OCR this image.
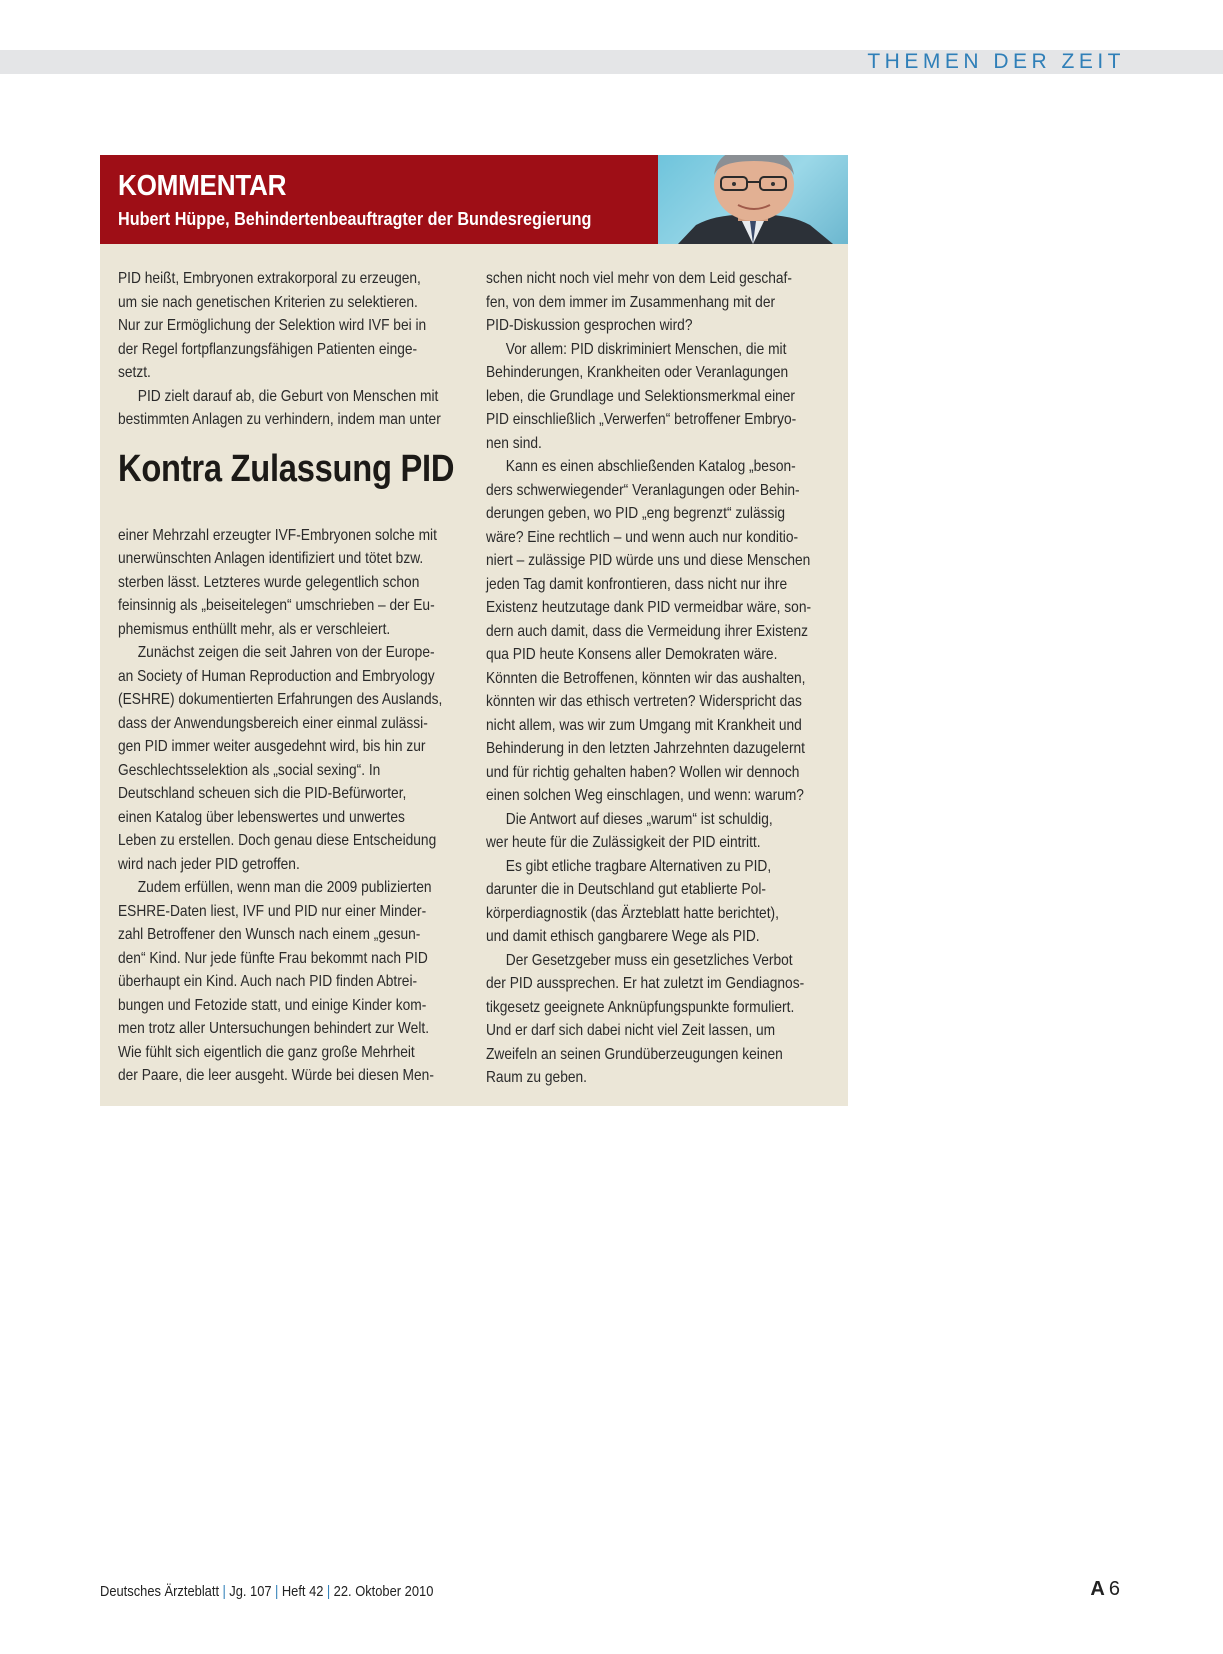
THEMEN DER ZEIT
KOMMENTAR
Hubert Hüppe, Behindertenbeauftragter der Bundesregierung

PID heißt, Embryonen extrakorporal zu erzeugen,

um sie nach genetischen Kriterien zu selektieren.

Nur zur Ermöglichung der Selektion wird IVF bei in

der Regel fortpflanzungsfähigen Patienten einge-

setzt.

PID zielt darauf ab, die Geburt von Menschen mit

bestimmten Anlagen zu verhindern, indem man unter

Kontra Zulassung PID

einer Mehrzahl erzeugter IVF-Embryonen solche mit

unerwünschten Anlagen identifiziert und tötet bzw.

sterben lässt. Letzteres wurde gelegentlich schon

feinsinnig als „beiseitelegen“ umschrieben – der Eu-

phemismus enthüllt mehr, als er verschleiert.

Zunächst zeigen die seit Jahren von der Europe-

an Society of Human Reproduction and Embryology

(ESHRE) dokumentierten Erfahrungen des Auslands,

dass der Anwendungsbereich einer einmal zulässi-

gen PID immer weiter ausgedehnt wird, bis hin zur

Geschlechtsselektion als „social sexing“. In

Deutschland scheuen sich die PID-Befürworter,

einen Katalog über lebenswertes und unwertes

Leben zu erstellen. Doch genau diese Entscheidung

wird nach jeder PID getroffen.

Zudem erfüllen, wenn man die 2009 publizierten

ESHRE-Daten liest, IVF und PID nur einer Minder-

zahl Betroffener den Wunsch nach einem „gesun-

den“ Kind. Nur jede fünfte Frau bekommt nach PID

überhaupt ein Kind. Auch nach PID finden Abtrei-

bungen und Fetozide statt, und einige Kinder kom-

men trotz aller Untersuchungen behindert zur Welt.

Wie fühlt sich eigentlich die ganz große Mehrheit

der Paare, die leer ausgeht. Würde bei diesen Men-

schen nicht noch viel mehr von dem Leid geschaf-

fen, von dem immer im Zusammenhang mit der

PID-Diskussion gesprochen wird?

Vor allem: PID diskriminiert Menschen, die mit

Behinderungen, Krankheiten oder Veranlagungen

leben, die Grundlage und Selektionsmerkmal einer

PID einschließlich „Verwerfen“ betroffener Embryo-

nen sind.

Kann es einen abschließenden Katalog „beson-

ders schwerwiegender“ Veranlagungen oder Behin-

derungen geben, wo PID „eng begrenzt“ zulässig

wäre? Eine rechtlich – und wenn auch nur konditio-

niert – zulässige PID würde uns und diese Menschen

jeden Tag damit konfrontieren, dass nicht nur ihre

Existenz heutzutage dank PID vermeidbar wäre, son-

dern auch damit, dass die Vermeidung ihrer Existenz

qua PID heute Konsens aller Demokraten wäre.

Könnten die Betroffenen, könnten wir das aushalten,

könnten wir das ethisch vertreten? Widerspricht das

nicht allem, was wir zum Umgang mit Krankheit und

Behinderung in den letzten Jahrzehnten dazugelernt

und für richtig gehalten haben? Wollen wir dennoch

einen solchen Weg einschlagen, und wenn: warum?

Die Antwort auf dieses „warum“ ist schuldig,

wer heute für die Zulässigkeit der PID eintritt.

Es gibt etliche tragbare Alternativen zu PID,

darunter die in Deutschland gut etablierte Pol-

körperdiagnostik (das Ärzteblatt hatte berichtet),

und damit ethisch gangbarere Wege als PID.

Der Gesetzgeber muss ein gesetzliches Verbot

der PID aussprechen. Er hat zuletzt im Gendiagnos-

tikgesetz geeignete Anknüpfungspunkte formuliert.

Und er darf sich dabei nicht viel Zeit lassen, um

Zweifeln an seinen Grundüberzeugungen keinen

Raum zu geben.

Deutsches Ärzteblatt | Jg. 107 | Heft 42 | 22. Oktober 2010	A 6
